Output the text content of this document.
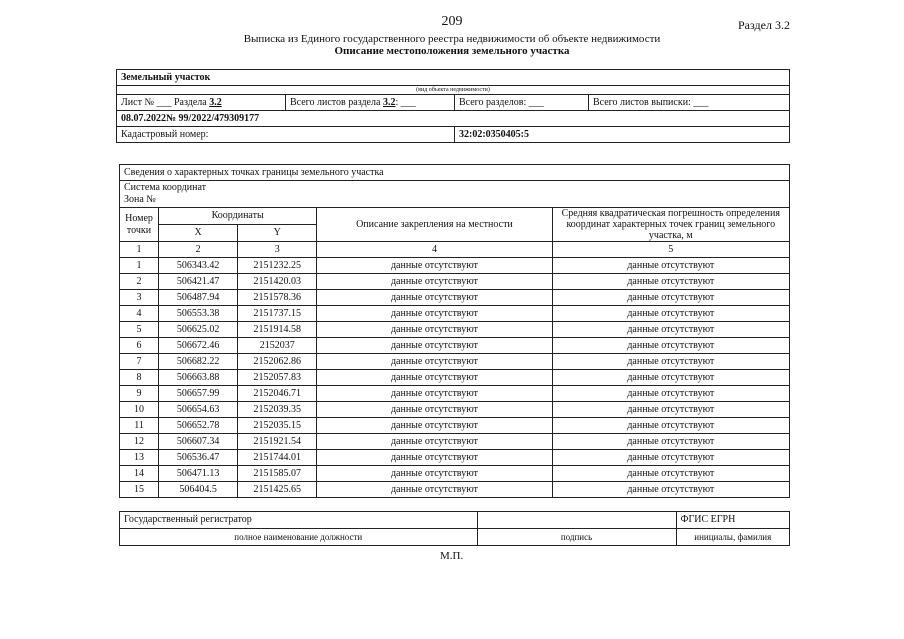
209	Раздел 3.2
Выписка из Единого государственного реестра недвижимости об объекте недвижимости
Описание местоположения земельного участка
Земельный участок			
(вид объекта недвижимости)			
Лист № ___ Раздела 3.2	Всего листов раздела 3.2: ___	Всего разделов: ___	Всего листов выписки: ___
08.07.2022№ 99/2022/479309177			
Кадастровый номер:		32:02:0350405:5	
Сведения о характерных точках границы земельного участка				

Система координат
Зона №				

Номер точки	Координаты		Описание закрепления на местности	Средняя квадратическая погрешность определения координат характерных точек границ земельного участка, м
	X	Y		
1	2	3	4	5
1	506343.42	2151232.25	данные отсутствуют	данные отсутствуют
2	506421.47	2151420.03	данные отсутствуют	данные отсутствуют
3	506487.94	2151578.36	данные отсутствуют	данные отсутствуют
4	506553.38	2151737.15	данные отсутствуют	данные отсутствуют
5	506625.02	2151914.58	данные отсутствуют	данные отсутствуют
6	506672.46	2152037	данные отсутствуют	данные отсутствуют
7	506682.22	2152062.86	данные отсутствуют	данные отсутствуют
8	506663.88	2152057.83	данные отсутствуют	данные отсутствуют
9	506657.99	2152046.71	данные отсутствуют	данные отсутствуют
10	506654.63	2152039.35	данные отсутствуют	данные отсутствуют
11	506652.78	2152035.15	данные отсутствуют	данные отсутствуют
12	506607.34	2151921.54	данные отсутствуют	данные отсутствуют
13	506536.47	2151744.01	данные отсутствуют	данные отсутствуют
14	506471.13	2151585.07	данные отсутствуют	данные отсутствуют
15	506404.5	2151425.65	данные отсутствуют	данные отсутствуют
Государственный регистратор		ФГИС ЕГРН
полное наименование должности	подпись	инициалы, фамилия
М.П.
